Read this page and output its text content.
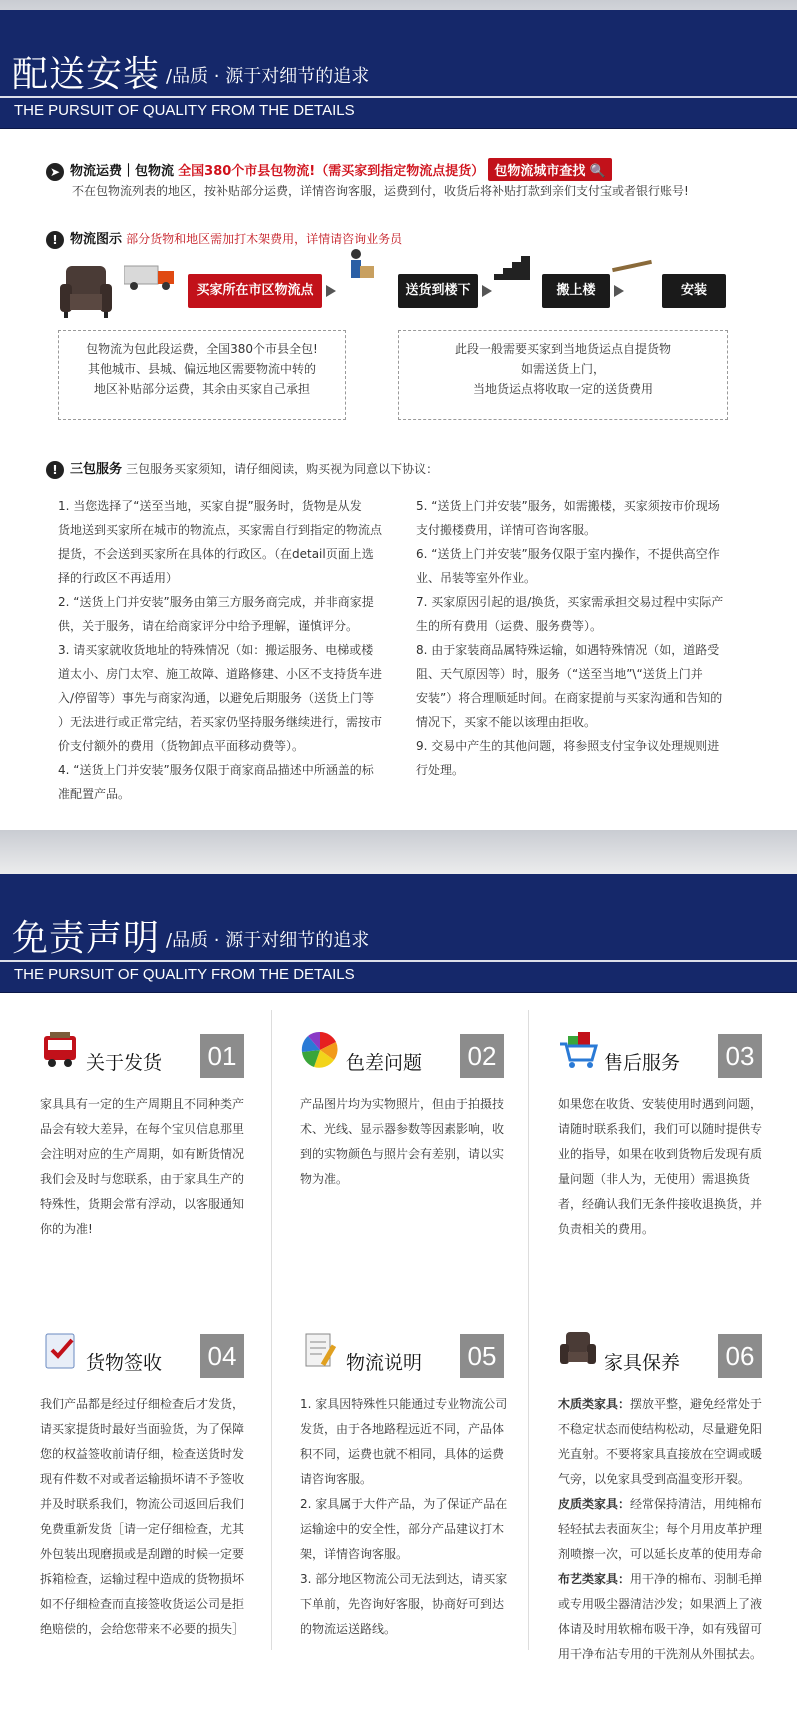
配送安装 /品质 · 源于对细节的追求
THE PURSUIT OF QUALITY FROM THE DETAILS
➤ 物流运费｜包物流 全国380个市县包物流!（需买家到指定物流点提货） 包物流城市查找 🔍
不在包物流列表的地区，按补贴部分运费，详情咨询客服，运费到付，收货后将补贴打款到亲们支付宝或者银行账号!
! 物流图示 部分货物和地区需加打木架费用，详情请咨询业务员
买家所在市区物流点	送货到楼下	搬上楼	安装
包物流为包此段运费，全国380个市县全包!
其他城市、县城、偏远地区需要物流中转的
地区补贴部分运费，其余由买家自己承担
此段一般需要买家到当地货运点自提货物
如需送货上门，
当地货运点将收取一定的送货费用
! 三包服务 三包服务买家须知，请仔细阅读，购买视为同意以下协议：
1. 当您选择了“送至当地，买家自提”服务时，货物是从发
货地送到买家所在城市的物流点，买家需自行到指定的物流点
提货，不会送到买家所在具体的行政区。（在detail页面上选
择的行政区不再适用）
2. “送货上门并安装”服务由第三方服务商完成，并非商家提
供，关于服务，请在给商家评分中给予理解，谨慎评分。
3. 请买家就收货地址的特殊情况（如：搬运服务、电梯或楼
道太小、房门太窄、施工故障、道路修建、小区不支持货车进
入/停留等）事先与商家沟通，以避免后期服务（送货上门等
）无法进行或正常完结，若买家仍坚持服务继续进行，需按市
价支付额外的费用（货物卸点平面移动费等）。
4. “送货上门并安装”服务仅限于商家商品描述中所涵盖的标
准配置产品。
5. “送货上门并安装”服务，如需搬楼，买家须按市价现场
支付搬楼费用，详情可咨询客服。
6. “送货上门并安装”服务仅限于室内操作，不提供高空作
业、吊装等室外作业。
7. 买家原因引起的退/换货，买家需承担交易过程中实际产
生的所有费用（运费、服务费等）。
8. 由于家装商品属特殊运输，如遇特殊情况（如，道路受
阻、天气原因等）时，服务（“送至当地”\“送货上门并
安装”）将合理顺延时间。在商家提前与买家沟通和告知的
情况下，买家不能以该理由拒收。
9. 交易中产生的其他问题，将参照支付宝争议处理规则进
行处理。
免责声明 /品质 · 源于对细节的追求
THE PURSUIT OF QUALITY FROM THE DETAILS
关于发货 01
家具具有一定的生产周期且不同种类产品会有较大差异，在每个宝贝信息那里会注明对应的生产周期，如有断货情况我们会及时与您联系，由于家具生产的特殊性，货期会常有浮动，以客服通知你的为准!
色差问题 02
产品图片均为实物照片，但由于拍摄技术、光线、显示器参数等因素影响，收到的实物颜色与照片会有差别，请以实物为准。
售后服务 03
如果您在收货、安装使用时遇到问题，请随时联系我们，我们可以随时提供专业的指导，如果在收到货物后发现有质量问题（非人为，无使用）需退换货者，经确认我们无条件接收退换货，并负责相关的费用。
货物签收 04
我们产品都是经过仔细检查后才发货，请买家提货时最好当面验货，为了保障您的权益签收前请仔细，检查送货时发现有件数不对或者运输损坏请不予签收并及时联系我们，物流公司返回后我们免费重新发货［请一定仔细检查，尤其外包装出现磨损或是刮蹭的时候一定要拆箱检查，运输过程中造成的货物损坏如不仔细检查而直接签收货运公司是拒绝赔偿的，会给您带来不必要的损失］
物流说明 05
1. 家具因特殊性只能通过专业物流公司发货，由于各地路程远近不同，产品体积不同，运费也就不相同，具体的运费请咨询客服。
2. 家具属于大件产品，为了保证产品在运输途中的安全性，部分产品建议打木架，详情咨询客服。
3. 部分地区物流公司无法到达，请买家下单前，先咨询好客服，协商好可到达的物流运送路线。
家具保养 06
木质类家具：摆放平整，避免经常处于不稳定状态而使结构松动，尽量避免阳光直射。不要将家具直接放在空调或暖气旁，以免家具受到高温变形开裂。
皮质类家具：经常保持清洁，用纯棉布轻轻拭去表面灰尘；每个月用皮革护理剂喷擦一次，可以延长皮革的使用寿命
布艺类家具：用干净的棉布、羽制毛掸或专用吸尘器清洁沙发；如果洒上了液体请及时用软棉布吸干净，如有残留可用干净布沾专用的干洗剂从外围拭去。
